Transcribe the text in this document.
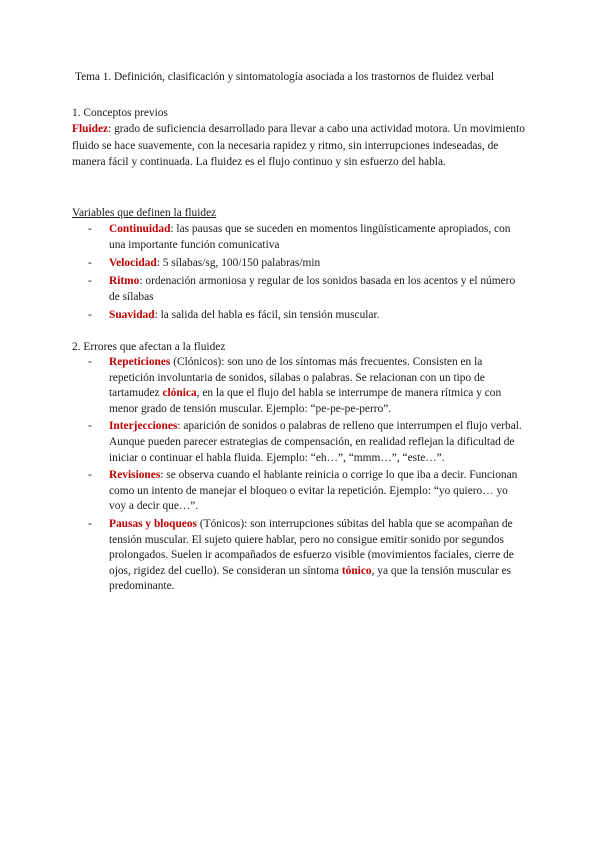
Tema 1. Definición, clasificación y sintomatología asociada a los trastornos de fluidez verbal
1. Conceptos previos
Fluidez: grado de suficiencia desarrollado para llevar a cabo una actividad motora. Un movimiento fluido se hace suavemente, con la necesaria rapidez y ritmo, sin interrupciones indeseadas, de manera fácil y continuada. La fluidez es el flujo continuo y sin esfuerzo del habla.
Variables que definen la fluidez
- Continuidad: las pausas que se suceden en momentos lingüísticamente apropiados, con una importante función comunicativa
- Velocidad: 5 sílabas/sg, 100/150 palabras/min
- Ritmo: ordenación armoniosa y regular de los sonidos basada en los acentos y el número de sílabas
- Suavidad: la salida del habla es fácil, sin tensión muscular.
2. Errores que afectan a la fluidez
- Repeticiones (Clónicos): son uno de los síntomas más frecuentes. Consisten en la repetición involuntaria de sonidos, sílabas o palabras. Se relacionan con un tipo de tartamudez clónica, en la que el flujo del habla se interrumpe de manera rítmica y con menor grado de tensión muscular. Ejemplo: “pe-pe-pe-perro”.
- Interjecciones: aparición de sonidos o palabras de relleno que interrumpen el flujo verbal. Aunque pueden parecer estrategias de compensación, en realidad reflejan la dificultad de iniciar o continuar el habla fluida. Ejemplo: “eh…”, “mmm…”, “este…”.
- Revisiones: se observa cuando el hablante reinicia o corrige lo que iba a decir. Funcionan como un intento de manejar el bloqueo o evitar la repetición. Ejemplo: “yo quiero… yo voy a decir que…”.
- Pausas y bloqueos (Tónicos): son interrupciones súbitas del habla que se acompañan de tensión muscular. El sujeto quiere hablar, pero no consigue emitir sonido por segundos prolongados. Suelen ir acompañados de esfuerzo visible (movimientos faciales, cierre de ojos, rigidez del cuello). Se consideran un síntoma tónico, ya que la tensión muscular es predominante.
